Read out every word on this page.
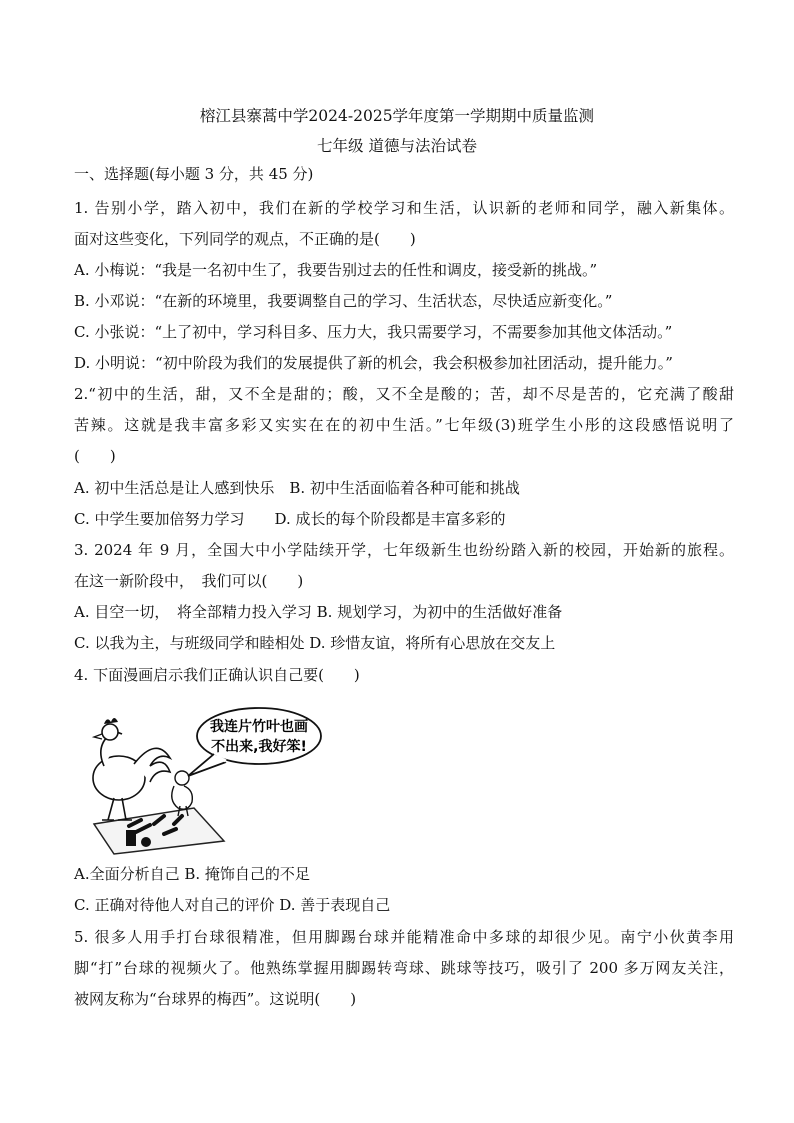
榕江县寨蒿中学2024-2025学年度第一学期期中质量监测
七年级 道德与法治试卷
一、选择题(每小题 3 分，共 45 分)
1. 告别小学，踏入初中，我们在新的学校学习和生活，认识新的老师和同学，融入新集体。
面对这些变化，下列同学的观点，不正确的是(　　)
A. 小梅说：“我是一名初中生了，我要告别过去的任性和调皮，接受新的挑战。”
B. 小邓说：“在新的环境里，我要调整自己的学习、生活状态，尽快适应新变化。”
C. 小张说：“上了初中，学习科目多、压力大，我只需要学习，不需要参加其他文体活动。”
D. 小明说：“初中阶段为我们的发展提供了新的机会，我会积极参加社团活动，提升能力。”
2.“初中的生活，甜，又不全是甜的；酸，又不全是酸的；苦，却不尽是苦的，它充满了酸甜
苦辣。这就是我丰富多彩又实实在在的初中生活。”七年级(3)班学生小彤的这段感悟说明了
(　　)
A. 初中生活总是让人感到快乐　B. 初中生活面临着各种可能和挑战
C. 中学生要加倍努力学习　　D. 成长的每个阶段都是丰富多彩的
3. 2024 年 9 月，全国大中小学陆续开学，七年级新生也纷纷踏入新的校园，开始新的旅程。
在这一新阶段中，　我们可以(　　)
A. 目空一切，　将全部精力投入学习 B. 规划学习，为初中的生活做好准备
C. 以我为主，与班级同学和睦相处 D. 珍惜友谊，将所有心思放在交友上
4. 下面漫画启示我们正确认识自己要(　　)
我连片竹叶也画
不出来,我好笨!
A.全面分析自己 B. 掩饰自己的不足
C. 正确对待他人对自己的评价 D. 善于表现自己
5. 很多人用手打台球很精准，但用脚踢台球并能精准命中多球的却很少见。南宁小伙黄李用
脚“打”台球的视频火了。他熟练掌握用脚踢转弯球、跳球等技巧，吸引了 200 多万网友关注，
被网友称为“台球界的梅西”。这说明(　　)
